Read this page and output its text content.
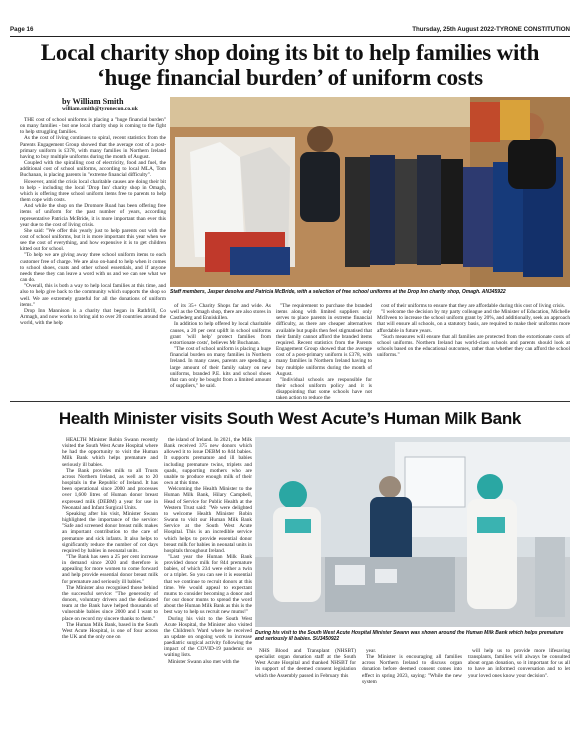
Page 16	Thursday, 25th August 2022-TYRONE CONSTITUTION
Local charity shop doing its bit to help families with ‘huge financial burden’ of uniform costs
by William Smith
william.smith@tyronecon.co.uk

THE cost of school uniforms is placing a "huge financial burden" on many families - but one local charity shop is coming to the fight to help struggling families.

As the cost of living continues to spiral, recent statistics from the Parents Engagement Group showed that the average cost of a post-primary uniform is £378, with many families in Northern Ireland having to buy multiple uniforms during the month of August.

Coupled with the spiralling cost of electricity, food and fuel, the additional cost of school uniforms, according to local MLA, Tom Buchanan, is placing parents in "extreme financial difficulty".

However, amid the crisis local charitable causes are doing their bit to help - including the local 'Drop Inn' charity shop in Omagh, which is offering three school uniform items free to parents to help them cope with costs.

And while the shop on the Dromore Road has been offering free items of uniform for the past number of years, according representative Patricia McBride, it is more important than ever this year due to the cost of living crisis.

She said: "We offer this yearly just to help parents out with the cost of school uniforms, but it is more important this year when we see the cost of everything, and how expensive it is to get children kitted out for school.

"To help we are giving away three school uniform items to each customer free of charge. We are also on-hand to help when it comes to school shoes, coats and other school essentials, and if anyone needs these they can leave a word with us and we can see what we can do.

"Overall, this is both a way to help local families at this time, and also to help give back to the community which supports the shop so well. We are extremely grateful for all the donations of uniform items."

Drop Inn Mannison is a charity that began in Rathfrill, Co Armagh, and now works to bring aid to over 20 countries around the world, with the help

Staff members, Jasper desolva and Patricia McBride, with a selection of free school uniforms at the Drop Inn charity shop, Omagh. AN345922

of its 35+ Charity Shops far and wide. As well as the Omagh shop, there are also stores in Castlederg and Enniskillen.

In addition to help offered by local charitable causes, a 20 per cent uplift in school uniforms grant 'will help' protect families from extortionate costs', believes Mr Buchanan.

"The cost of school uniform is placing a huge financial burden on many families in Northern Ireland. In many cases, parents are spending a large amount of their family salary on new uniforms, branded P.E. kits and school shoes that can only be bought from a limited amount of suppliers," he said.

"The requirement to purchase the branded items along with limited suppliers only serves to place parents in extreme financial difficulty, as there are cheaper alternatives available but pupils then feel stigmatised that their family cannot afford the branded items required. Recent statistics from the Parents Engagement Group showed that the average cost of a post-primary uniform is £378, with many families in Northern Ireland having to buy multiple uniforms during the month of August.

"Individual schools are responsible for their school uniform policy and it is disappointing that some schools have not taken action to reduce the

cost of their uniforms to ensure that they are affordable during this cost of living crisis.

"I welcome the decision by my party colleague and the Minister of Education, Michelle McIlveen to increase the school uniform grant by 20%, and additionally, seek an approach that will ensure all schools, on a statutory basis, are required to make their uniforms more affordable in future years.

"Such measures will ensure that all families are protected from the extortionate costs of school uniforms. Northern Ireland has world-class schools and parents should look at schools based on the educational outcomes, rather than whether they can afford the school uniforms."

Health Minister visits South West Acute’s Human Milk Bank

HEALTH Minister Robin Swann recently visited the South West Acute Hospital where he had the opportunity to visit the Human Milk Bank which helps premature and seriously ill babies.

The Bank provides milk to all Trusts across Northern Ireland, as well as to 20 hospitals in the Republic of Ireland. It has been operational since 2000 and processes over 1,600 litres of Human donor breast expressed milk (DEBM) a year for use in Neonatal and Infant Surgical Units.

Speaking after his visit, Minister Swann highlighted the importance of the service: "Safe and screened donor breast milk makes an important contribution to the care of premature and sick infants. It also helps to significantly reduce the number of cot days required by babies in neonatal units.

"The Bank has seen a 25 per cent increase in demand since 2020 and therefore is appealing for more women to come forward and help provide essential donor breast milk for premature and seriously ill babies."

The Minister also recognised those behind the successful service: "The generosity of donors, voluntary drivers and the dedicated team at the Bank have helped thousands of vulnerable babies since 2000 and I want to place on record my sincere thanks to them."

The Human Milk Bank, based in the South West Acute Hospital, is one of four across the UK and the only one on

the island of Ireland. In 2021, the Milk Bank received 375 new donors which allowed it to issue DEBM to 844 babies. It supports premature and ill babies including premature twins, triplets and quads, supporting mothers who are unable to produce enough milk of their own at this time.

Welcoming the Health Minister to the Human Milk Bank, Hilary Campbell, Head of Service for Public Health at the Western Trust said: "We were delighted to welcome Health Minister Robin Swann to visit our Human Milk Bank Service at the South West Acute Hospital. This is an incredible service which helps to provide essential donor breast milk for babies in neonatal units in hospitals throughout Ireland.

"Last year the Human Milk Bank provided donor milk for 844 premature babies, of which 234 were either a twin or a triplet. So you can see it is essential that we continue to recruit donors at this time. We would appeal to expectant mums to consider becoming a donor and for our donor mums to spread the word about the Human Milk Bank as this is the best way to help us recruit new mums!"

During his visit to the South West Acute Hospital, the Minister also visited the Children's Ward where he received an update on ongoing work to increase paediatric surgical activity following the impact of the COVID-19 pandemic on waiting lists.

Minister Swann also met with the

During his visit to the South West Acute Hospital Minister Swann was shown around the Human Milk Bank which helps premature and seriously ill babies. SU3450922

NHS Blood and Transplant (NHSBT) specialist organ donation staff at the South West Acute Hospital and thanked NHSBT for its support of the deemed consent legislation which the Assembly passed in February this

year.

The Minister is encouraging all families across Northern Ireland to discuss organ donation before deemed consent comes into effect in spring 2023, saying: "While the new system

will help us to provide more lifesaving transplants, families will always be consulted about organ donation, so it important for us all to have an informed conversation and to let your loved ones know your decision".
